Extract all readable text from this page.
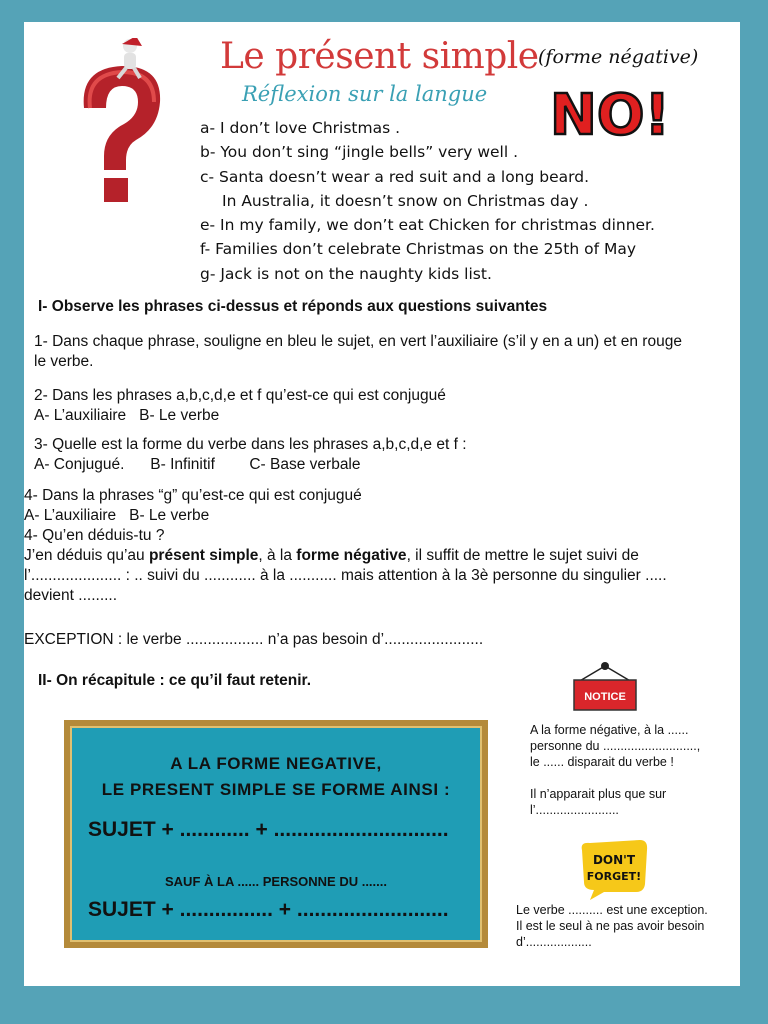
Le présent simple
Réflexion sur la langue
(forme négative)
NO!
a- I don’t love Christmas .
b- You don’t sing “jingle bells” very well .
c- Santa doesn’t wear a red suit and a long beard.
In Australia, it doesn’t snow on Christmas day .
e- In my family, we don’t eat Chicken for christmas dinner.
f- Families don’t celebrate Christmas on the 25th of May
g- Jack is not on the naughty kids list.
I- Observe les phrases ci-dessus et réponds aux questions suivantes
1- Dans chaque phrase, souligne en bleu le sujet, en vert l’auxiliaire (s’il y en a un) et en rouge le verbe.
2- Dans les phrases a,b,c,d,e et f qu’est-ce qui est conjugué
A- L’auxiliaire   B- Le verbe
3- Quelle est la forme du verbe dans les phrases a,b,c,d,e et f :
A- Conjugué.      B- Infinitif        C- Base verbale
4- Dans la phrases “g” qu’est-ce qui est conjugué
A- L’auxiliaire   B- Le verbe
4- Qu’en déduis-tu ?
J’en déduis qu’au présent simple, à la forme négative, il suffit de mettre le sujet suivi de l’..................... : .. suivi du ............ à la ........... mais attention à la 3è personne du singulier ..... devient .........
EXCEPTION : le verbe .................. n’a pas besoin d’.......................
II- On récapitule : ce qu’il faut retenir.
NOTICE
A la forme négative, à la ...... personne du ..........................., le ...... disparait du verbe !
Il n’apparait plus que sur l’........................
A LA FORME NEGATIVE,
LE PRESENT SIMPLE SE FORME AINSI :
SUJET + ............ + ..............................
SAUF À LA ...... PERSONNE DU .......
SUJET + ................ + ..........................
DON'T
FORGET!
Le verbe .......... est une exception. Il est le seul à ne pas avoir besoin d’...................
